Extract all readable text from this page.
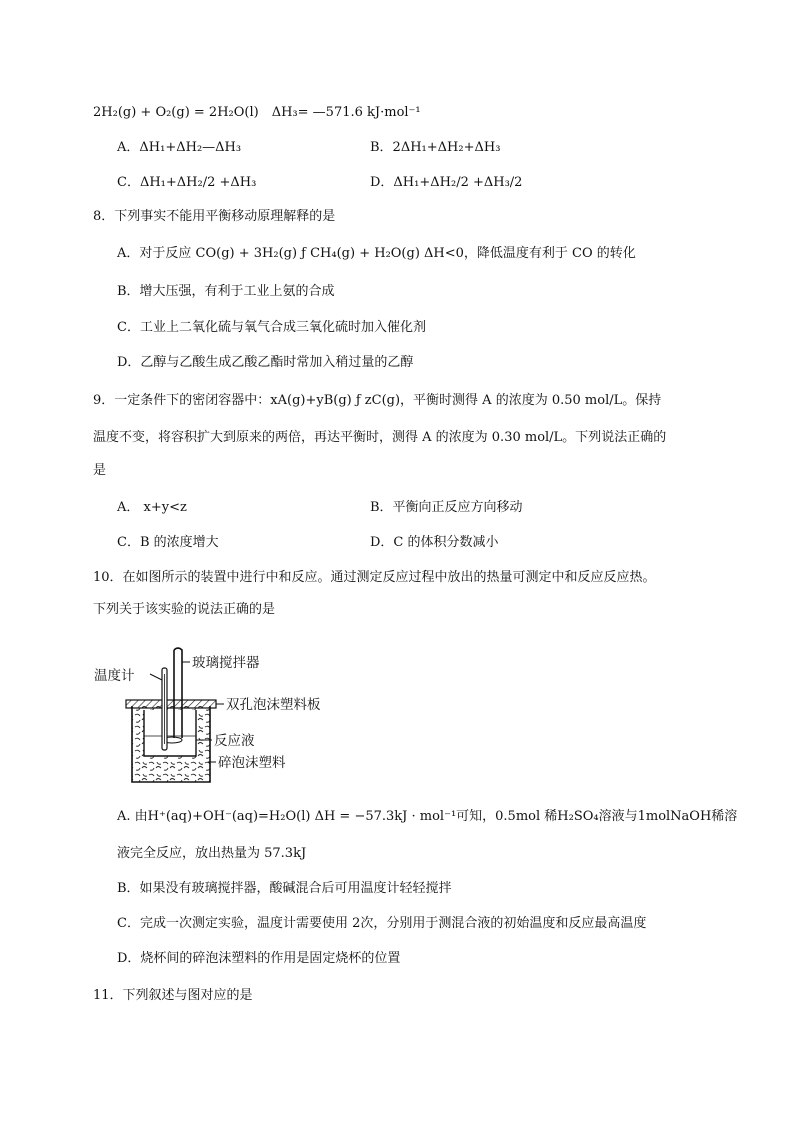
2H₂(g) + O₂(g) = 2H₂O(l)　ΔH₃= —571.6 kJ·mol⁻¹
A．ΔH₁+ΔH₂—ΔH₃	B．2ΔH₁+ΔH₂+ΔH₃
C．ΔH₁+ΔH₂/2 +ΔH₃	D．ΔH₁+ΔH₂/2 +ΔH₃/2
8．下列事实不能用平衡移动原理解释的是
A．对于反应 CO(g) + 3H₂(g) ƒ CH₄(g) + H₂O(g) ΔH<0，降低温度有利于 CO 的转化
B．增大压强，有利于工业上氨的合成
C．工业上二氧化硫与氧气合成三氧化硫时加入催化剂
D．乙醇与乙酸生成乙酸乙酯时常加入稍过量的乙醇
9．一定条件下的密闭容器中：xA(g)+yB(g) ƒ zC(g)，平衡时测得 A 的浓度为 0.50 mol/L。保持
温度不变，将容积扩大到原来的两倍，再达平衡时，测得 A 的浓度为 0.30 mol/L。下列说法正确的
是
A． x+y<z	B．平衡向正反应方向移动
C．B 的浓度增大	D．C 的体积分数减小
10．在如图所示的装置中进行中和反应。通过测定反应过程中放出的热量可测定中和反应反应热。
下列关于该实验的说法正确的是
温度计
玻璃搅拌器
双孔泡沫塑料板
反应液
碎泡沫塑料
A. 由H⁺(aq)+OH⁻(aq)=H₂O(l) ΔH = −57.3kJ · mol⁻¹可知，0.5mol 稀H₂SO₄溶液与1molNaOH稀溶
液完全反应，放出热量为 57.3kJ
B．如果没有玻璃搅拌器，酸碱混合后可用温度计轻轻搅拌
C．完成一次测定实验，温度计需要使用 2次，分别用于测混合液的初始温度和反应最高温度
D．烧杯间的碎泡沫塑料的作用是固定烧杯的位置
11．下列叙述与图对应的是
